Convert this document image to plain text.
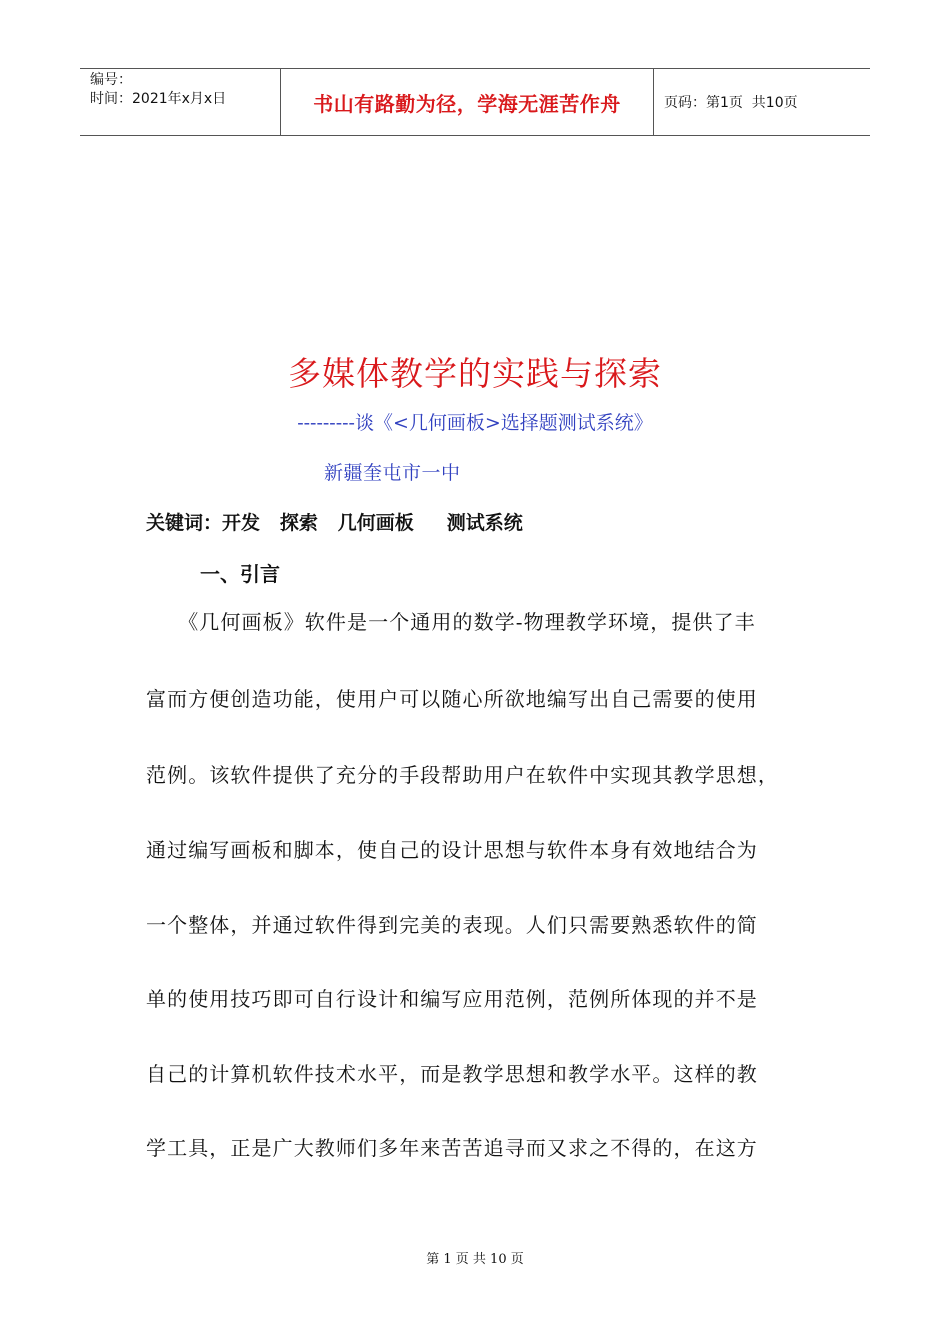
编号：
时间：2021年x月x日	书山有路勤为径，学海无涯苦作舟	页码：第1页  共10页
多媒体教学的实践与探索
---------谈《<几何画板>选择题测试系统》
新疆奎屯市一中
关键词：开发   探索   几何画板     测试系统
一、引言
　　《几何画板》软件是一个通用的数学-物理教学环境，提供了丰
富而方便创造功能，使用户可以随心所欲地编写出自己需要的使用
范例。该软件提供了充分的手段帮助用户在软件中实现其教学思想，
通过编写画板和脚本，使自己的设计思想与软件本身有效地结合为
一个整体，并通过软件得到完美的表现。人们只需要熟悉软件的简
单的使用技巧即可自行设计和编写应用范例，范例所体现的并不是
自己的计算机软件技术水平，而是教学思想和教学水平。这样的教
学工具，正是广大教师们多年来苦苦追寻而又求之不得的，在这方
第 1 页 共 10 页
